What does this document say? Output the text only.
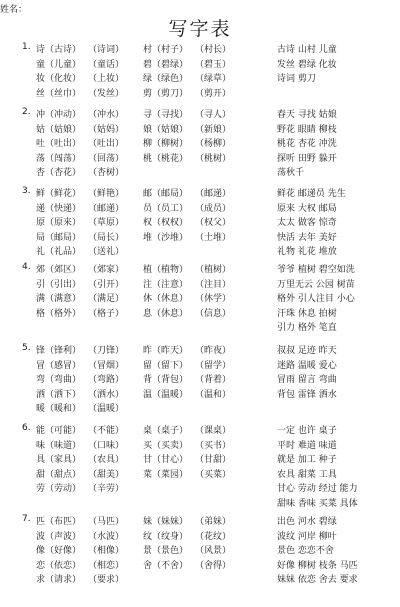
姓名：
写字表
1. 诗（古诗） （诗词） 村（村子） （村长）	古诗 山村 儿童
童（儿童） （童话） 碧（碧绿） （碧玉）	发丝 碧绿 化妆
妆（化妆） （上妆） 绿（绿色） （绿草）	诗词 剪刀
丝（丝巾） （发丝） 剪（剪刀） （剪开）
2. 冲（冲动） （冲水） 寻（寻找） （寻人）	春天 寻找 姑娘
姑（姑娘） （姑妈） 娘（姑娘） （新娘）	野花 眼睛 柳枝
吐（吐出） （吐出） 柳（柳树） （杨柳）	桃花 杏花 冲洗
荡（闯荡） （回荡） 桃（桃花） （桃树）	探听 田野 躲开
杏（杏花） （杏树）	荡秋千
3. 鲜（鲜花） （鲜艳） 邮（邮局） （邮递）	鲜花 邮递员 先生
递（快递） （邮递） 员（员工） （成员）	原来 大权 邮局
原（原来） （草原） 权（权权） （权父）	太太 做客 惊奇
局（邮局） （局长） 堆（沙堆） （土堆）	快活 去年 美好
礼（礼品） （送礼）	礼物 礼花 堆放
4. 郊（郊区） （郊家） 植（植物） （植树）	爷爷 植树 碧空如洗
引（引出） （引开） 注（注意） （注目）	万里无云 公园 树苗
满（满意） （满足） 休（休息） （休学）	格外 引人注目 小心
格（格外） （格子） 息（休息） （信息）	汗珠 休息 拍树
引力 格外 笔直
5. 锋（锋利） （刀锋） 昨（昨天） （昨夜）	叔叔 足迹 昨天
冒（感冒） （冒烟） 留（留下） （留学）	迷路 温暖 爱心
弯（弯曲） （弯路） 背（背包） （背着）	冒雨 留言 弯曲
洒（洒下） （洒水） 温（温暖） （温和）	背包 雷锋 洒水
暖（暖和） （温暖）
6. 能（可能） （不能） 桌（桌子） （课桌）	一定 也许 桌子
味（味道） （口味） 买（买卖） （买书）	平时 难道 味道
具（家具） （农具） 甘（甘心） （甘甜）	就是 加工 种子
甜（甜点） （甜美） 菜（菜园） （买菜）	农具 甜菜 工具
劳（劳动） （辛劳）	甘心 劳动 经过 能力
甜味 香味 买菜 具体
7. 匹（布匹） （马匹） 妹（妹妹） （弟妹）	出色 河水 碧绿
波（声波） （水波） 纹（纹身） （花纹）	波纹 河岸 柳叶
像（好像） （相像） 景（景色） （风景）	景色 恋恋不舍
恋（依恋） （相恋） 舍（不舍） （舍得）	好像 柳树 枝条 马匹
求（请求） （要求）	妹妹 依恋 舍去 要求
